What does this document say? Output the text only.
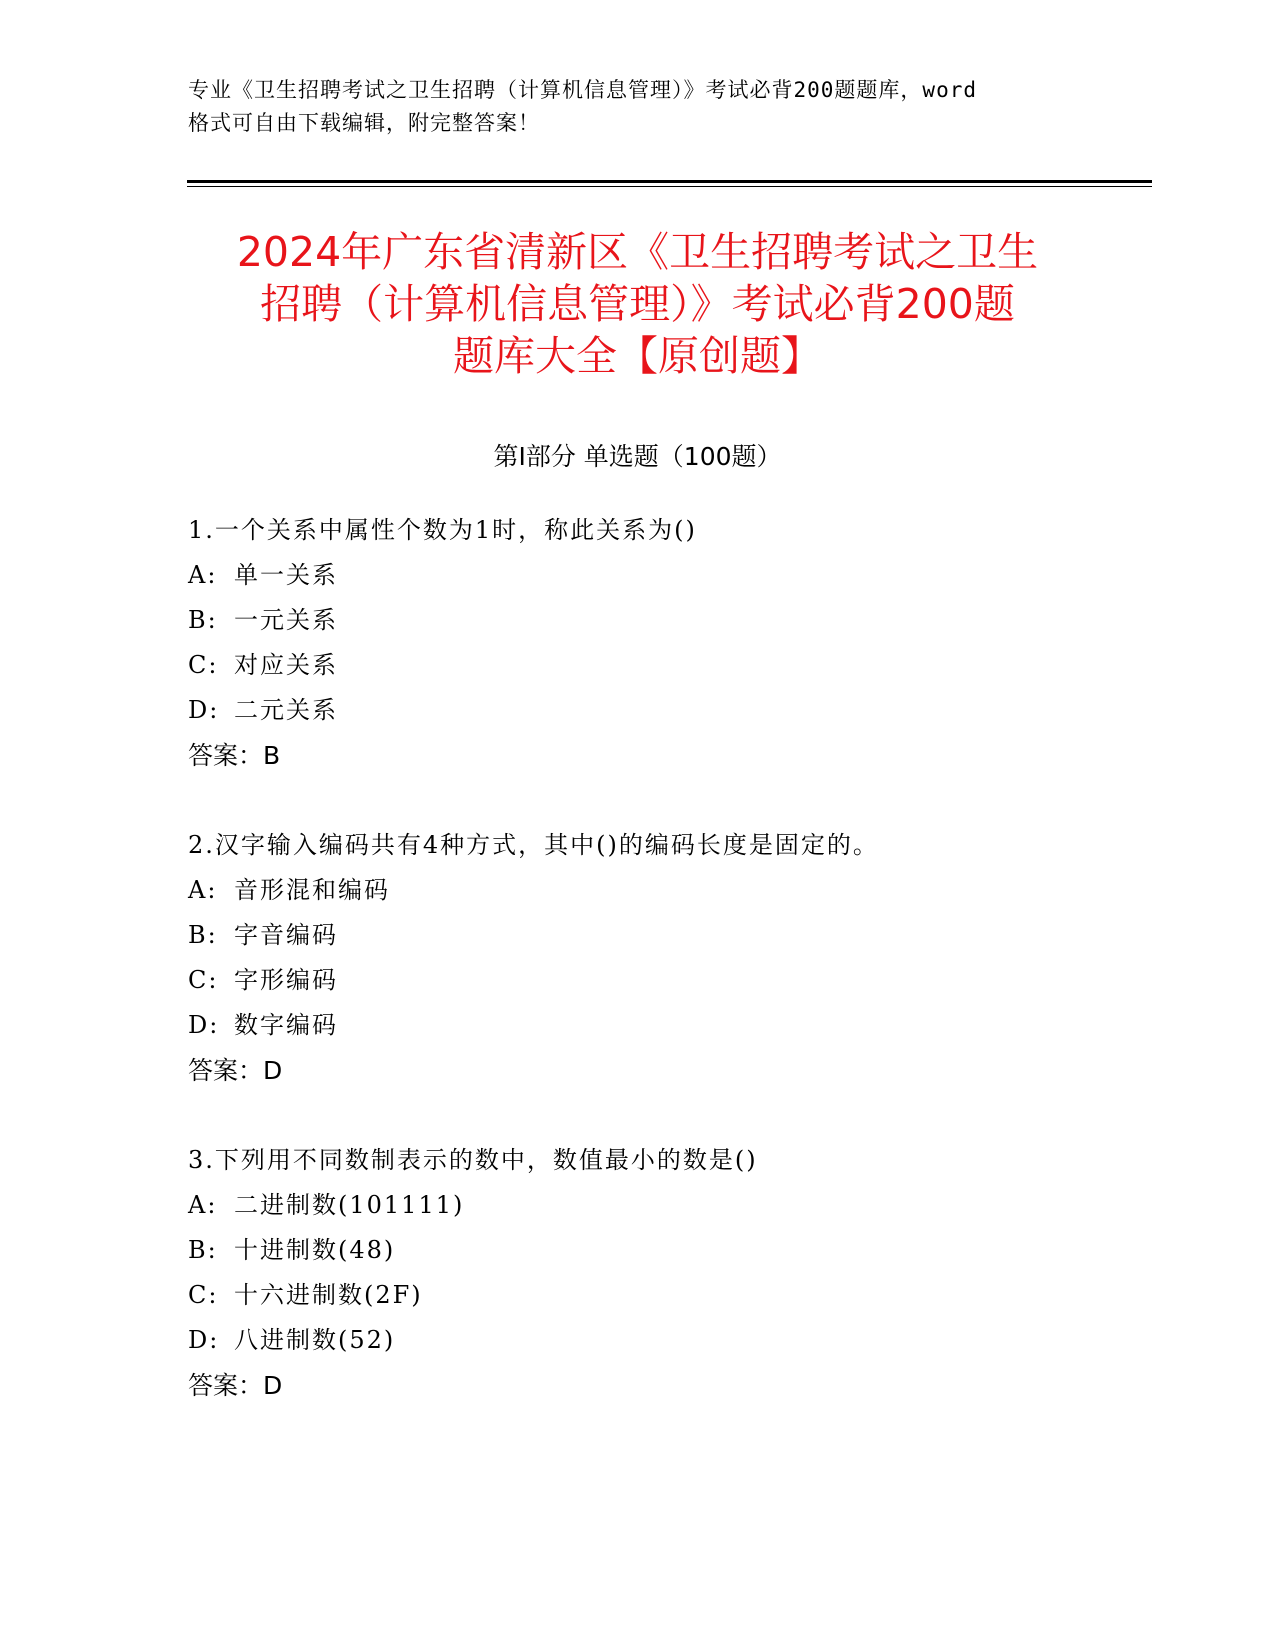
专业《卫生招聘考试之卫生招聘（计算机信息管理）》考试必背200题题库，word
格式可自由下载编辑，附完整答案！
2024年广东省清新区《卫生招聘考试之卫生
招聘（计算机信息管理）》考试必背200题
题库大全【原创题】
第Ⅰ部分 单选题（100题）
1.一个关系中属性个数为1时，称此关系为()
A: 单一关系
B: 一元关系
C: 对应关系
D: 二元关系
答案：B
2.汉字输入编码共有4种方式，其中()的编码长度是固定的。
A: 音形混和编码
B: 字音编码
C: 字形编码
D: 数字编码
答案：D
3.下列用不同数制表示的数中，数值最小的数是()
A: 二进制数(101111)
B: 十进制数(48)
C: 十六进制数(2F)
D: 八进制数(52)
答案：D
